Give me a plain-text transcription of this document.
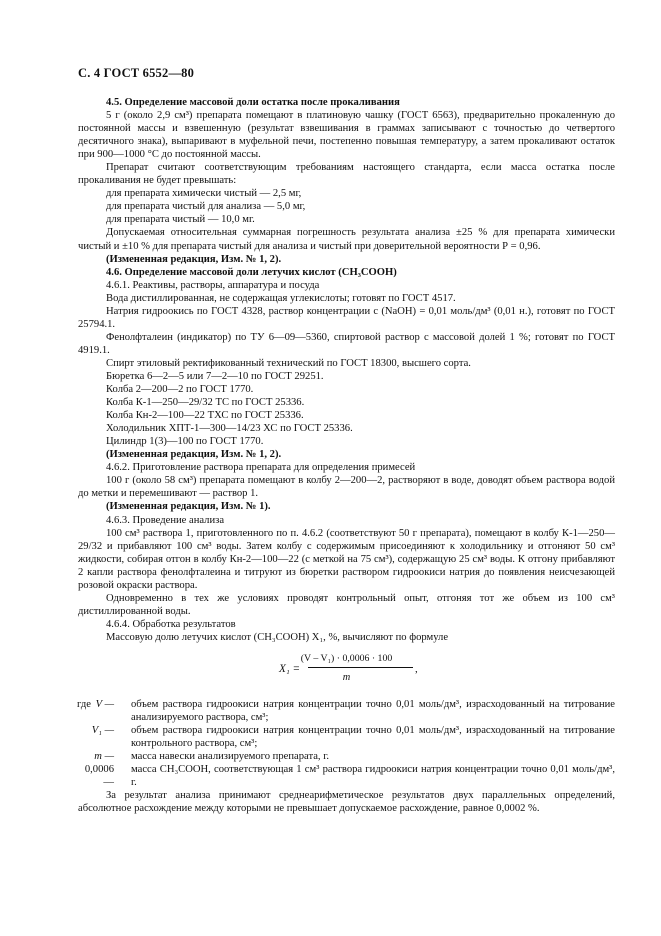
С. 4 ГОСТ 6552—80

4.5. Определение массовой доли остатка после прокаливания

5 г (около 2,9 см³) препарата помещают в платиновую чашку (ГОСТ 6563), предварительно прокаленную до постоянной массы и взвешенную (результат взвешивания в граммах записывают с точностью до четвертого десятичного знака), выпаривают в муфельной печи, постепенно повышая температуру, а затем прокаливают остаток при 900—1000 °С до постоянной массы.

Препарат считают соответствующим требованиям настоящего стандарта, если масса остатка после прокаливания не будет превышать:

для препарата химически чистый — 2,5 мг,

для препарата чистый для анализа — 5,0 мг,

для препарата чистый — 10,0 мг.

Допускаемая относительная суммарная погрешность результата анализа ±25 % для препарата химически чистый и ±10 % для препарата чистый для анализа и чистый при доверительной вероятности Р = 0,96.

(Измененная редакция, Изм. № 1, 2).

4.6. Определение массовой доли летучих кислот (СН₃СООН)

4.6.1. Реактивы, растворы, аппаратура и посуда

Вода дистиллированная, не содержащая углекислоты; готовят по ГОСТ 4517.

Натрия гидроокись по ГОСТ 4328, раствор концентрации с (NaOH) = 0,01 моль/дм³ (0,01 н.), готовят по ГОСТ 25794.1.

Фенолфталеин (индикатор) по ТУ 6—09—5360, спиртовой раствор с массовой долей 1 %; готовят по ГОСТ 4919.1.

Спирт этиловый ректификованный технический по ГОСТ 18300, высшего сорта.

Бюретка 6—2—5 или 7—2—10 по ГОСТ 29251.

Колба 2—200—2 по ГОСТ 1770.

Колба К-1—250—29/32 ТС по ГОСТ 25336.

Колба Кн-2—100—22 ТХС по ГОСТ 25336.

Холодильник ХПТ-1—300—14/23 ХС по ГОСТ 25336.

Цилиндр 1(3)—100 по ГОСТ 1770.

(Измененная редакция, Изм. № 1, 2).

4.6.2. Приготовление раствора препарата для определения примесей

100 г (около 58 см³) препарата помещают в колбу 2—200—2, растворяют в воде, доводят объем раствора водой до метки и перемешивают — раствор 1.

(Измененная редакция, Изм. № 1).

4.6.3. Проведение анализа

100 см³ раствора 1, приготовленного по п. 4.6.2 (соответствуют 50 г препарата), помещают в колбу К-1—250—29/32 и прибавляют 100 см³ воды. Затем колбу с содержимым присоединяют к холодильнику и отгоняют 50 см³ жидкости, собирая отгон в колбу Кн-2—100—22 (с меткой на 75 см³), содержащую 25 см³ воды. К отгону прибавляют 2 капли раствора фенолфталеина и титруют из бюретки раствором гидроокиси натрия до появления неисчезающей розовой окраски раствора.

Одновременно в тех же условиях проводят контрольный опыт, отгоняя тот же объем из 100 см³ дистиллированной воды.

4.6.4. Обработка результатов

Массовую долю летучих кислот (СН₃СООН) X₁, %, вычисляют по формуле

X₁ =
(V – V₁) · 0,0006 · 100
m
,

где V — объем раствора гидроокиси натрия концентрации точно 0,01 моль/дм³, израсходованный на титрование анализируемого раствора, см³;

V₁ — объем раствора гидроокиси натрия концентрации точно 0,01 моль/дм³, израсходованный на титрование контрольного раствора, см³;

m — масса навески анализируемого препарата, г.

0,0006 —
масса СН₃СООН, соответствующая 1 см³ раствора гидроокиси натрия концентрации точно 0,01 моль/дм³, г.

За результат анализа принимают среднеарифметическое результатов двух параллельных определений, абсолютное расхождение между которыми не превышает допускаемое расхождение, равное 0,0002 %.
